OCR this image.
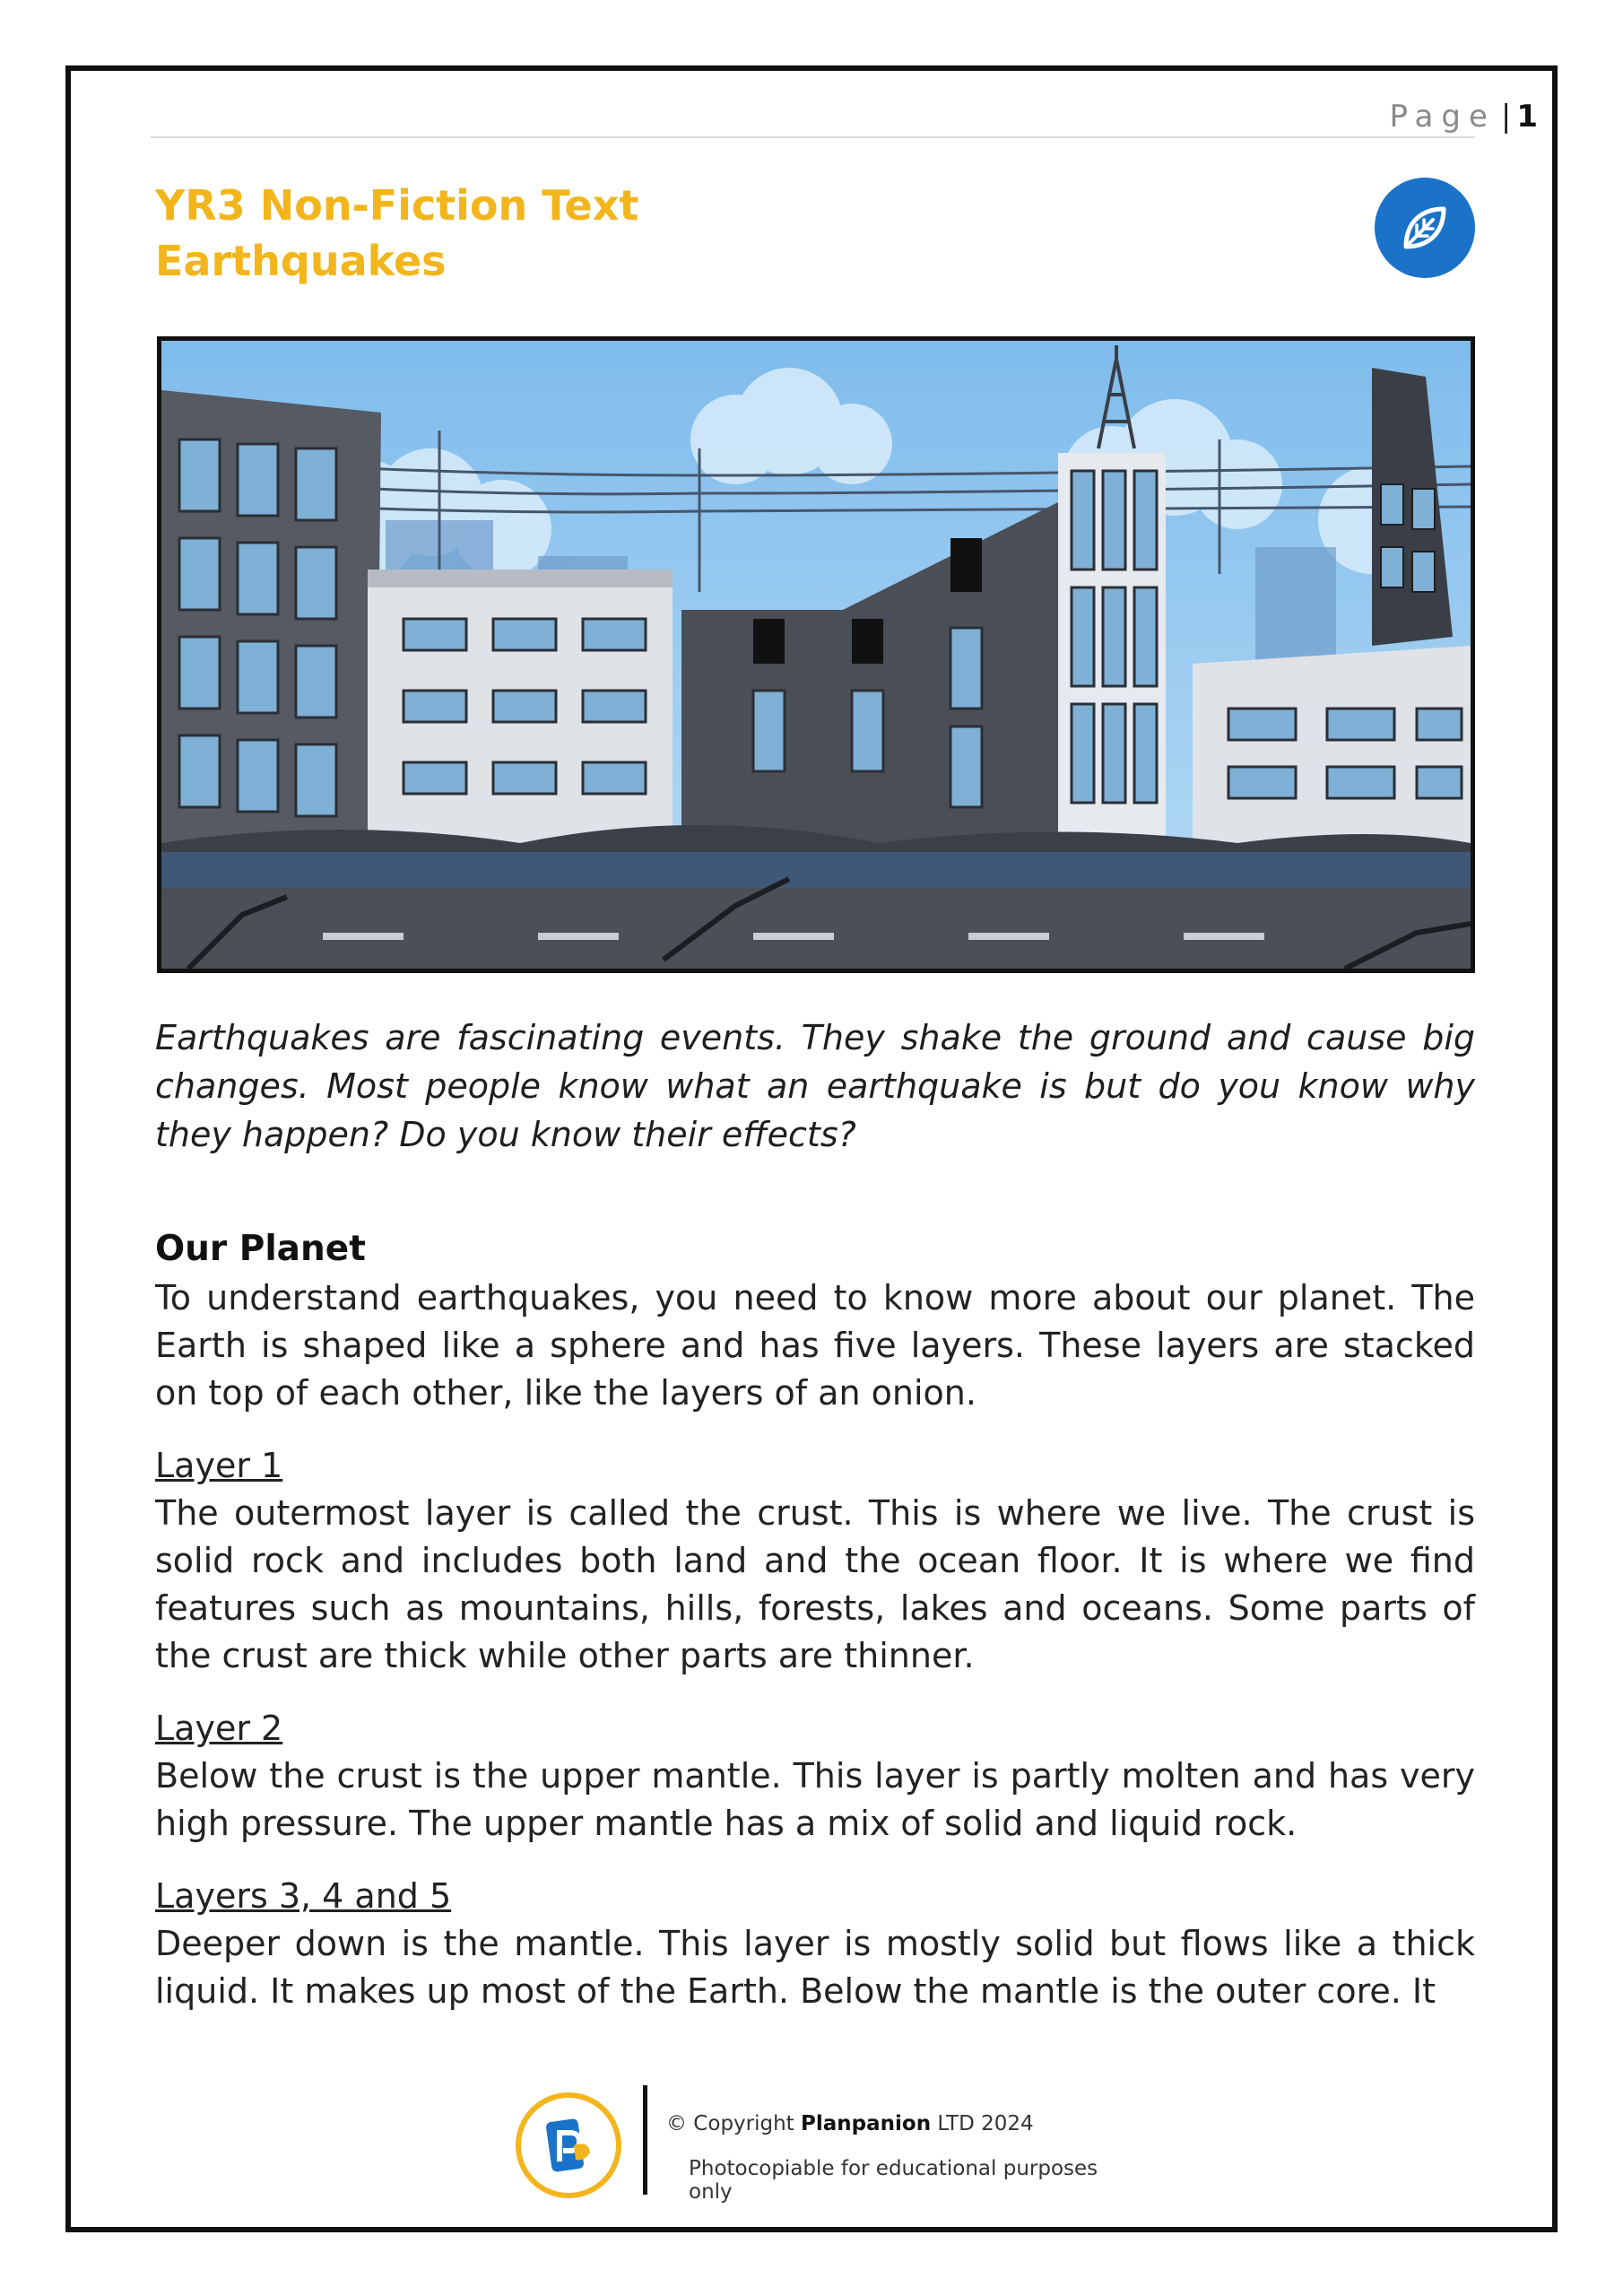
Page | 1
YR3 Non-Fiction Text
Earthquakes
Earthquakes are fascinating events. They shake the ground and cause big changes. Most people know what an earthquake is but do you know why they happen? Do you know their effects?
Our Planet

To understand earthquakes, you need to know more about our planet. The Earth is shaped like a sphere and has five layers. These layers are stacked on top of each other, like the layers of an onion.

Layer 1

The outermost layer is called the crust. This is where we live. The crust is solid rock and includes both land and the ocean floor. It is where we find features such as mountains, hills, forests, lakes and oceans. Some parts of the crust are thick while other parts are thinner.

Layer 2

Below the crust is the upper mantle. This layer is partly molten and has very high pressure. The upper mantle has a mix of solid and liquid rock.

Layers 3, 4 and 5

Deeper down is the mantle. This layer is mostly solid but flows like a thick liquid. It makes up most of the Earth. Below the mantle is the outer core. It

© Copyright Planpanion LTD 2024
Photocopiable for educational purposes only
